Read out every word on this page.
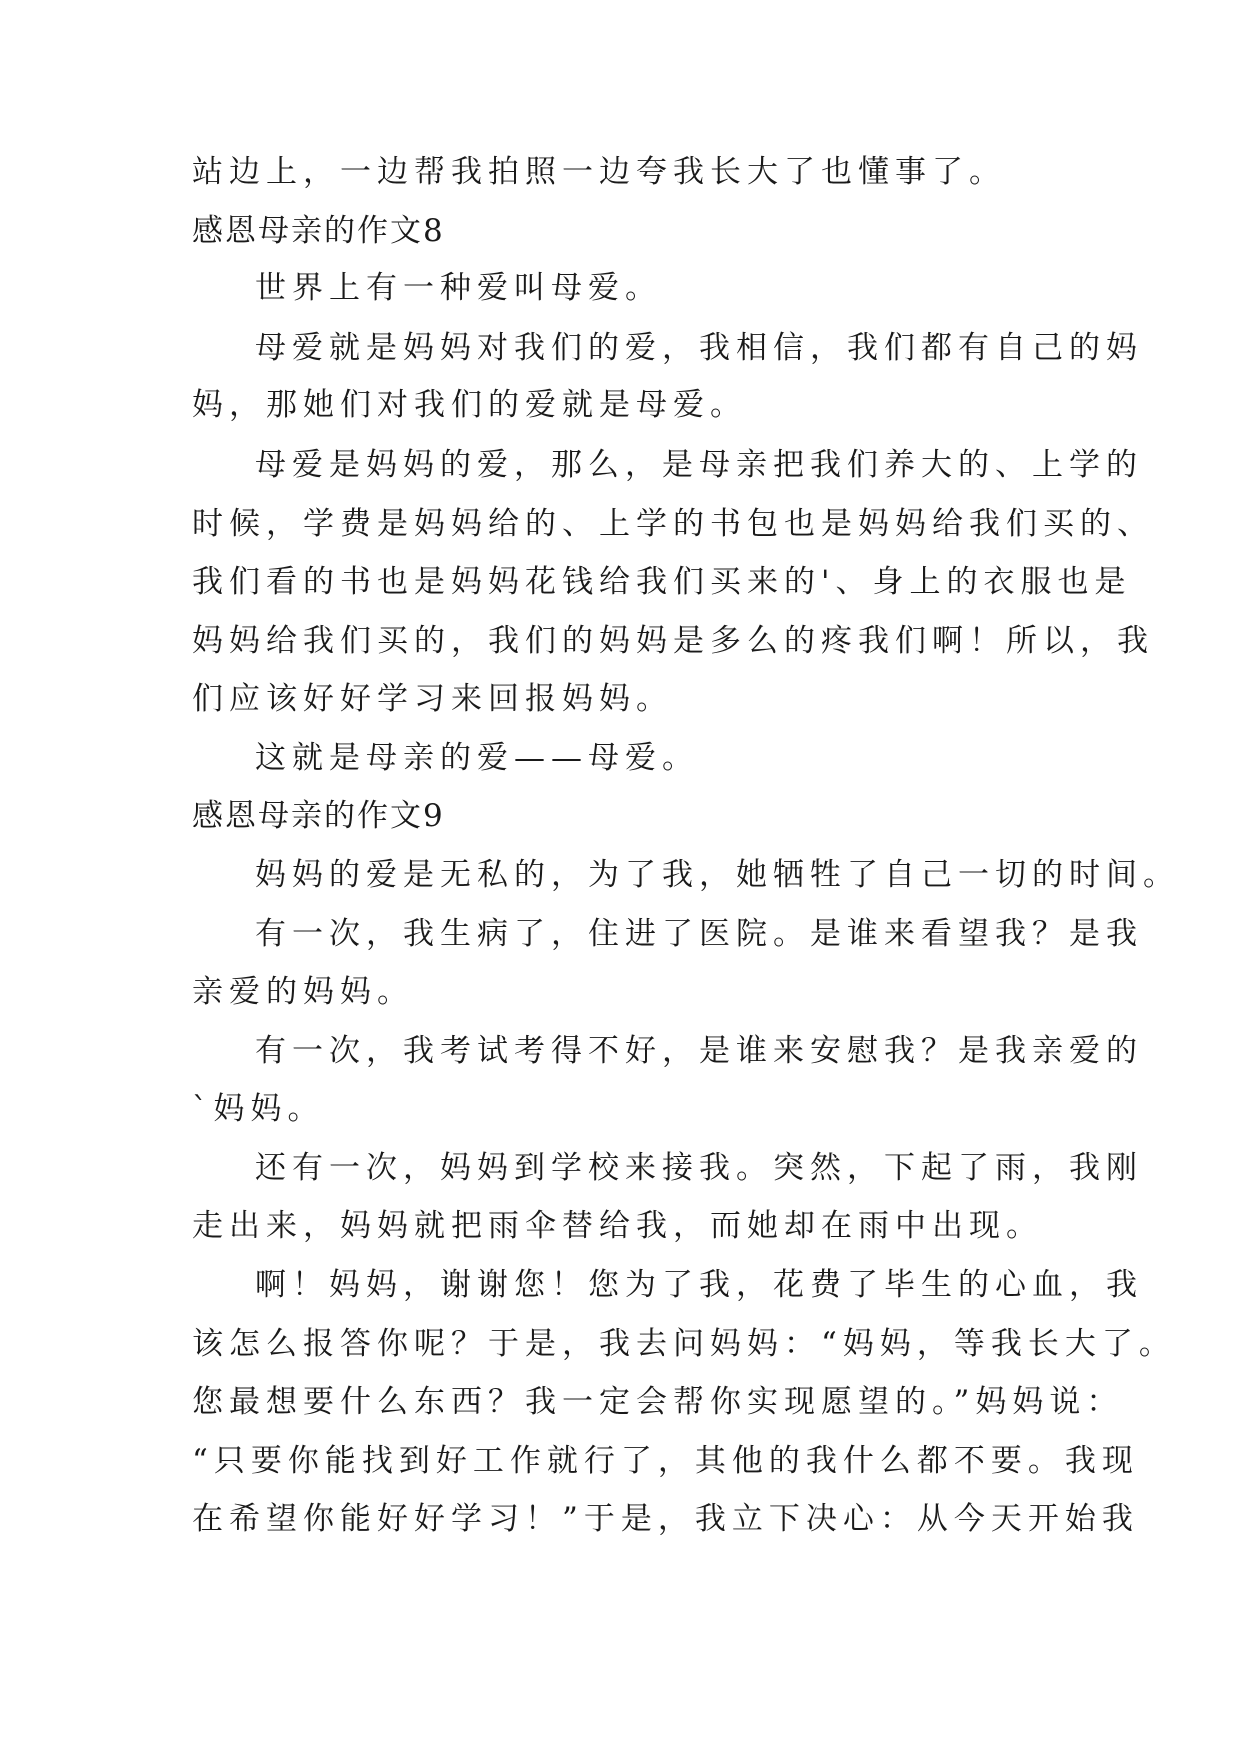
站边上，一边帮我拍照一边夸我长大了也懂事了。
感恩母亲的作文8
世界上有一种爱叫母爱。
母爱就是妈妈对我们的爱，我相信，我们都有自己的妈
妈，那她们对我们的爱就是母爱。
母爱是妈妈的爱，那么，是母亲把我们养大的、上学的
时候，学费是妈妈给的、上学的书包也是妈妈给我们买的、
我们看的书也是妈妈花钱给我们买来的'、身上的衣服也是
妈妈给我们买的，我们的妈妈是多么的疼我们啊！所以，我
们应该好好学习来回报妈妈。
这就是母亲的爱——母爱。
感恩母亲的作文9
妈妈的爱是无私的，为了我，她牺牲了自己一切的时间。
有一次，我生病了，住进了医院。是谁来看望我？是我
亲爱的妈妈。
有一次，我考试考得不好，是谁来安慰我？是我亲爱的
`妈妈。
还有一次，妈妈到学校来接我。突然，下起了雨，我刚
走出来，妈妈就把雨伞替给我，而她却在雨中出现。
啊！妈妈，谢谢您！您为了我，花费了毕生的心血，我
该怎么报答你呢？于是，我去问妈妈：“妈妈，等我长大了。
您最想要什么东西？我一定会帮你实现愿望的。”妈妈说：
“只要你能找到好工作就行了，其他的我什么都不要。我现
在希望你能好好学习！”于是，我立下决心：从今天开始我
